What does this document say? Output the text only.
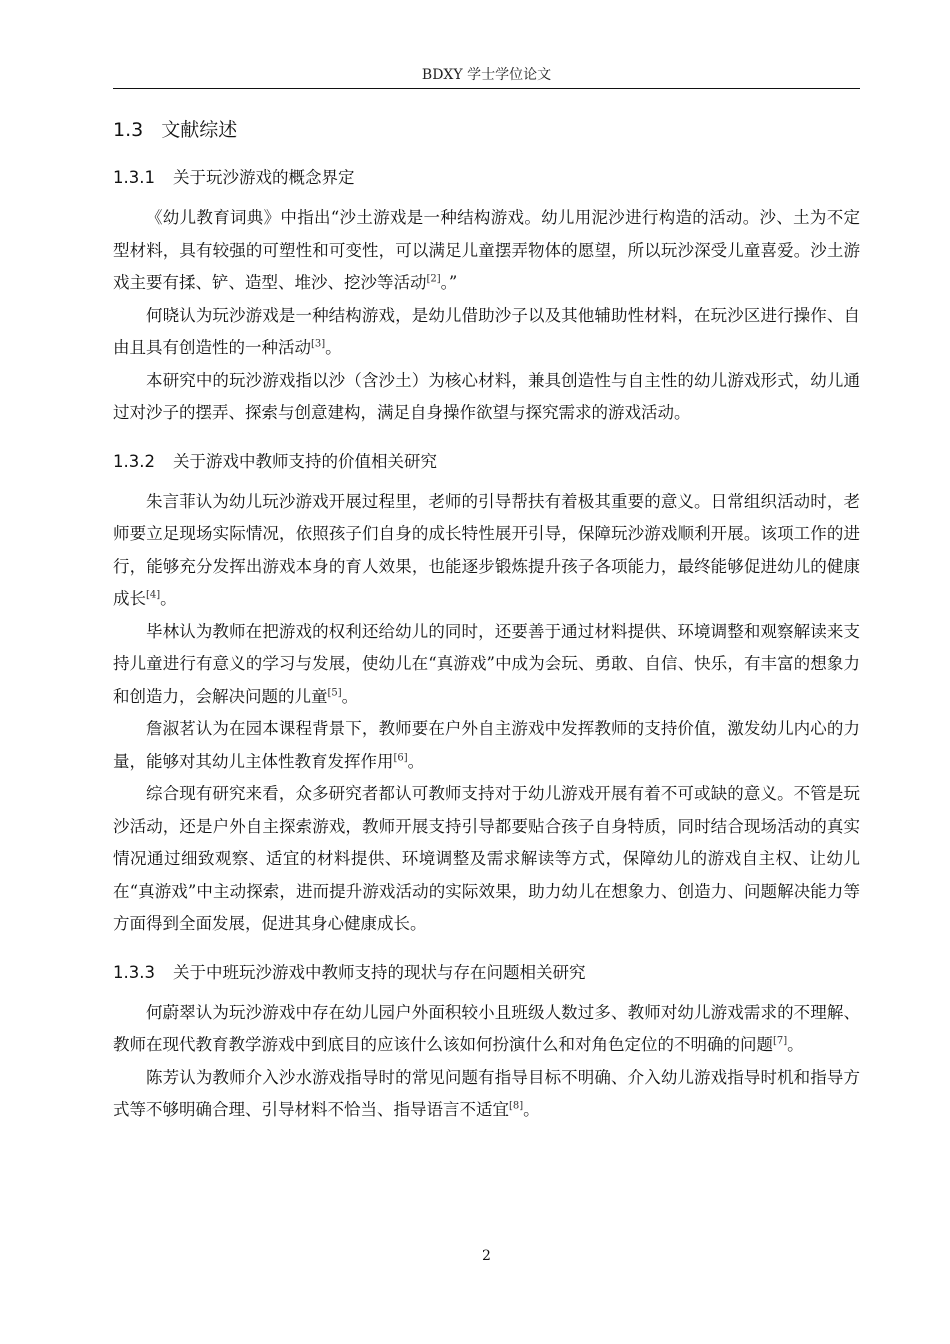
BDXY 学士学位论文
1.3 文献综述
1.3.1 关于玩沙游戏的概念界定

《幼儿教育词典》中指出“沙土游戏是一种结构游戏。幼儿用泥沙进行构造的活动。沙、土为不定型材料，具有较强的可塑性和可变性，可以满足儿童摆弄物体的愿望，所以玩沙深受儿童喜爱。沙土游戏主要有揉、铲、造型、堆沙、挖沙等活动[2]。”

何晓认为玩沙游戏是一种结构游戏，是幼儿借助沙子以及其他辅助性材料，在玩沙区进行操作、自由且具有创造性的一种活动[3]。

本研究中的玩沙游戏指以沙（含沙土）为核心材料，兼具创造性与自主性的幼儿游戏形式，幼儿通过对沙子的摆弄、探索与创意建构，满足自身操作欲望与探究需求的游戏活动。

1.3.2 关于游戏中教师支持的价值相关研究

朱言菲认为幼儿玩沙游戏开展过程里，老师的引导帮扶有着极其重要的意义。日常组织活动时，老师要立足现场实际情况，依照孩子们自身的成长特性展开引导，保障玩沙游戏顺利开展。该项工作的进行，能够充分发挥出游戏本身的育人效果，也能逐步锻炼提升孩子各项能力，最终能够促进幼儿的健康成长[4]。

毕林认为教师在把游戏的权利还给幼儿的同时，还要善于通过材料提供、环境调整和观察解读来支持儿童进行有意义的学习与发展，使幼儿在“真游戏”中成为会玩、勇敢、自信、快乐，有丰富的想象力和创造力，会解决问题的儿童[5]。

詹淑茗认为在园本课程背景下，教师要在户外自主游戏中发挥教师的支持价值，激发幼儿内心的力量，能够对其幼儿主体性教育发挥作用[6]。

综合现有研究来看，众多研究者都认可教师支持对于幼儿游戏开展有着不可或缺的意义。不管是玩沙活动，还是户外自主探索游戏，教师开展支持引导都要贴合孩子自身特质，同时结合现场活动的真实情况通过细致观察、适宜的材料提供、环境调整及需求解读等方式，保障幼儿的游戏自主权、让幼儿在“真游戏”中主动探索，进而提升游戏活动的实际效果，助力幼儿在想象力、创造力、问题解决能力等方面得到全面发展，促进其身心健康成长。

1.3.3 关于中班玩沙游戏中教师支持的现状与存在问题相关研究

何蔚翠认为玩沙游戏中存在幼儿园户外面积较小且班级人数过多、教师对幼儿游戏需求的不理解、教师在现代教育教学游戏中到底目的应该什么该如何扮演什么和对角色定位的不明确的问题[7]。

陈芳认为教师介入沙水游戏指导时的常见问题有指导目标不明确、介入幼儿游戏指导时机和指导方式等不够明确合理、引导材料不恰当、指导语言不适宜[8]。

2
